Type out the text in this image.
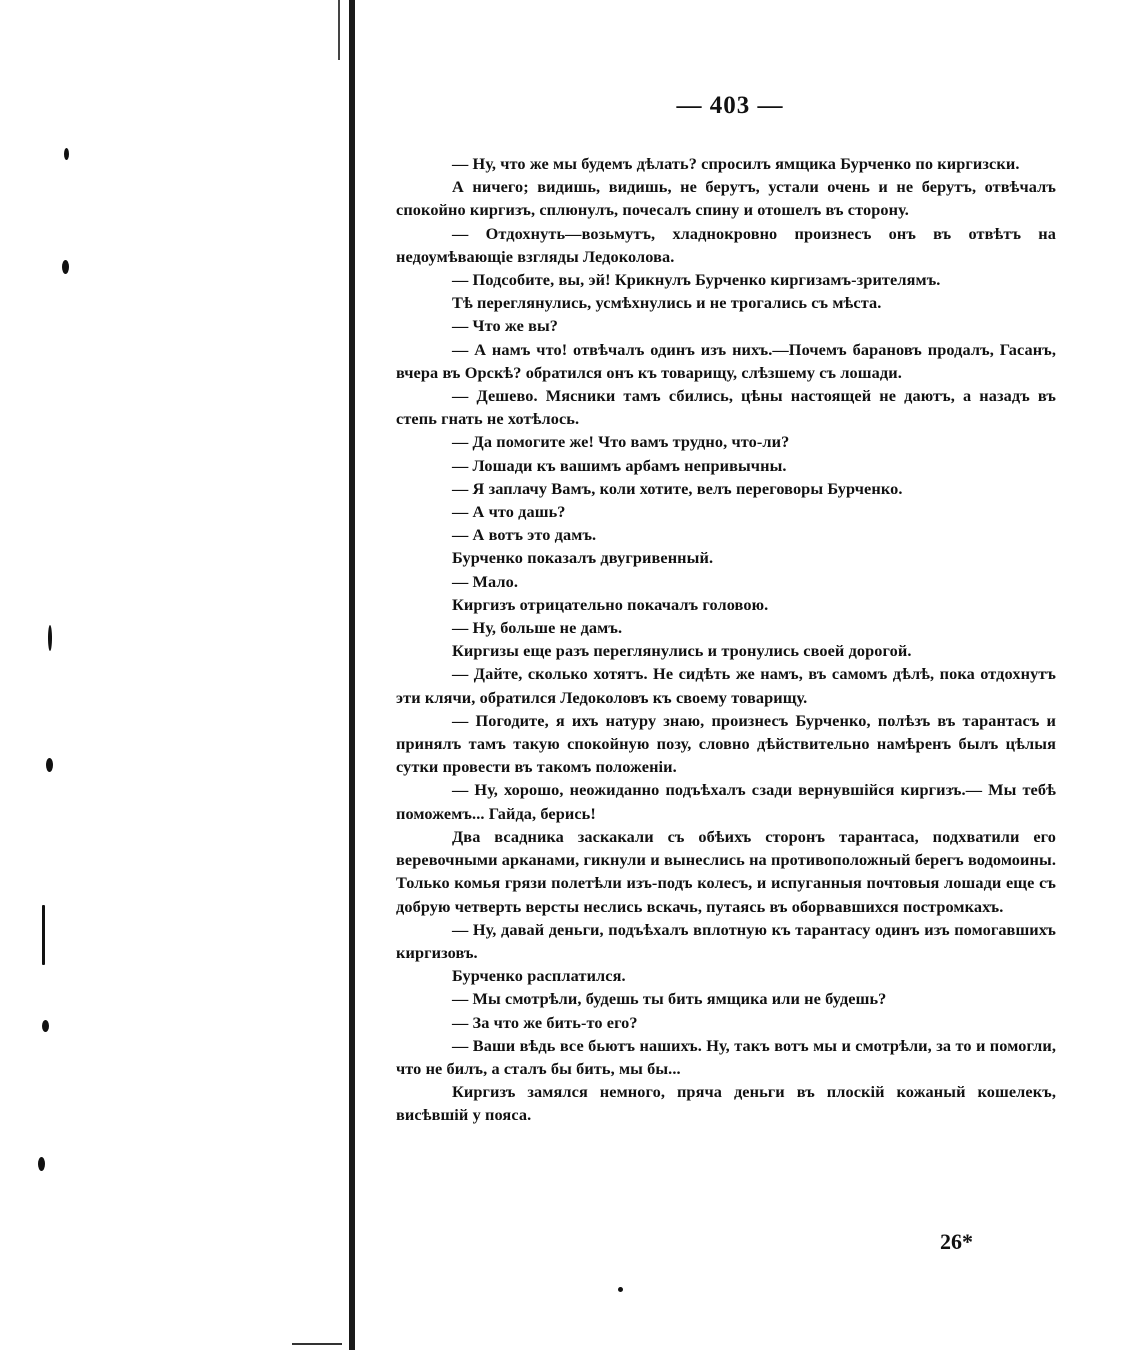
— 403 —

— Ну, что же мы будемъ дѣлать? спросилъ ямщика Бурченко по киргизски.

А ничего; видишь, видишь, не берутъ, устали очень и не берутъ, отвѣчалъ спокойно киргизъ, сплюнулъ, почесалъ спину и отошелъ въ сторону.

— Отдохнуть—возьмутъ, хладнокровно произнесъ онъ въ отвѣтъ на недоумѣвающіе взгляды Ледоколова.

— Подсобите, вы, эй! Крикнулъ Бурченко киргизамъ-зрителямъ.

Тѣ переглянулись, усмѣхнулись и не трогались съ мѣста.

— Что же вы?

— А намъ что! отвѣчалъ одинъ изъ нихъ.—Почемъ барановъ продалъ, Гасанъ, вчера въ Орскѣ? обратился онъ къ товарищу, слѣзшему съ лошади.

— Дешево. Мясники тамъ сбились, цѣны настоящей не даютъ, а назадъ въ степь гнать не хотѣлось.

— Да помогите же! Что вамъ трудно, что-ли?

— Лошади къ вашимъ арбамъ непривычны.

— Я заплачу Вамъ, коли хотите, велъ переговоры Бурченко.

— А что дашь?

— А вотъ это дамъ.

Бурченко показалъ двугривенный.

— Мало.

Киргизъ отрицательно покачалъ головою.

— Ну, больше не дамъ.

Киргизы еще разъ переглянулись и тронулись своей дорогой.

— Дайте, сколько хотятъ. Не сидѣть же намъ, въ самомъ дѣлѣ, пока отдохнутъ эти клячи, обратился Ледоколовъ къ своему товарищу.

— Погодите, я ихъ натуру знаю, произнесъ Бурченко, полѣзъ въ тарантасъ и принялъ тамъ такую спокойную позу, словно дѣйствительно намѣренъ былъ цѣлыя сутки провести въ такомъ положеніи.

— Ну, хорошо, неожиданно подъѣхалъ сзади вернувшійся киргизъ.— Мы тебѣ поможемъ... Гайда, берись!

Два всадника заскакали съ обѣихъ сторонъ тарантаса, подхватили его веревочными арканами, гикнули и вынеслись на противоположный берегъ водомоины. Только комья грязи полетѣли изъ-подъ колесъ, и испуганныя почтовыя лошади еще съ добрую четверть версты неслись вскачь, путаясь въ оборвавшихся постромкахъ.

— Ну, давай деньги, подъѣхалъ вплотную къ тарантасу одинъ изъ помогавшихъ киргизовъ.

Бурченко расплатился.

— Мы смотрѣли, будешь ты бить ямщика или не будешь?

— За что же бить-то его?

— Ваши вѣдь все бьютъ нашихъ. Ну, такъ вотъ мы и смотрѣли, за то и помогли, что не билъ, а сталъ бы бить, мы бы...

Киргизъ замялся немного, пряча деньги въ плоскій кожаный кошелекъ, висѣвшій у пояса.

26*
